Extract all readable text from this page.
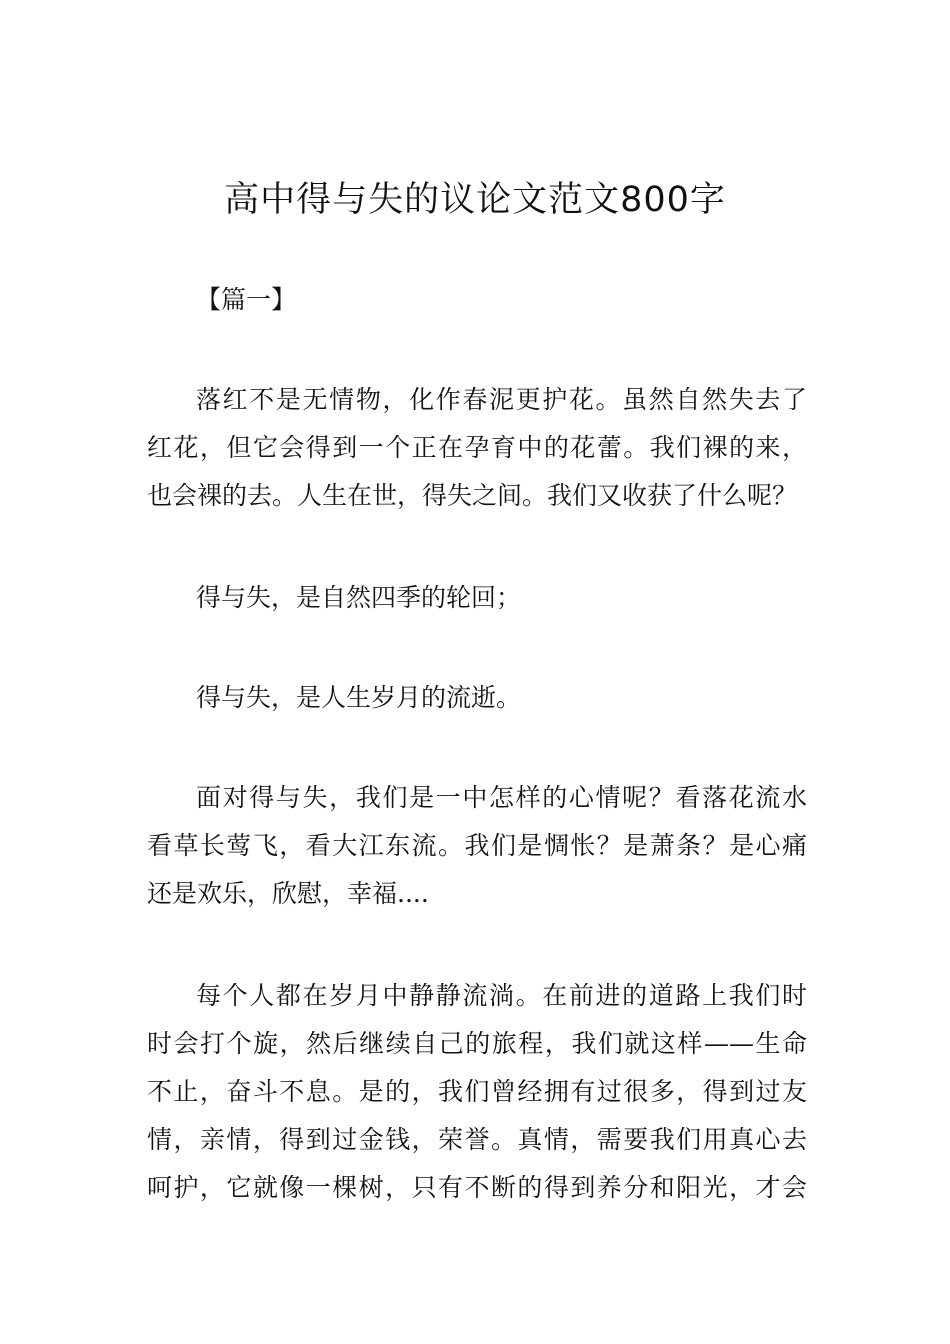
高中得与失的议论文范文800字
【篇一】
落红不是无情物，化作春泥更护花。虽然自然失去了
红花，但它会得到一个正在孕育中的花蕾。我们裸的来，
也会裸的去。人生在世，得失之间。我们又收获了什么呢？
得与失，是自然四季的轮回；
得与失，是人生岁月的流逝。
面对得与失，我们是一中怎样的心情呢？看落花流水
看草长莺飞，看大江东流。我们是惆怅？是萧条？是心痛
还是欢乐，欣慰，幸福....
每个人都在岁月中静静流淌。在前进的道路上我们时
时会打个旋，然后继续自己的旅程，我们就这样——生命
不止，奋斗不息。是的，我们曾经拥有过很多，得到过友
情，亲情，得到过金钱，荣誉。真情，需要我们用真心去
呵护，它就像一棵树，只有不断的得到养分和阳光，才会
